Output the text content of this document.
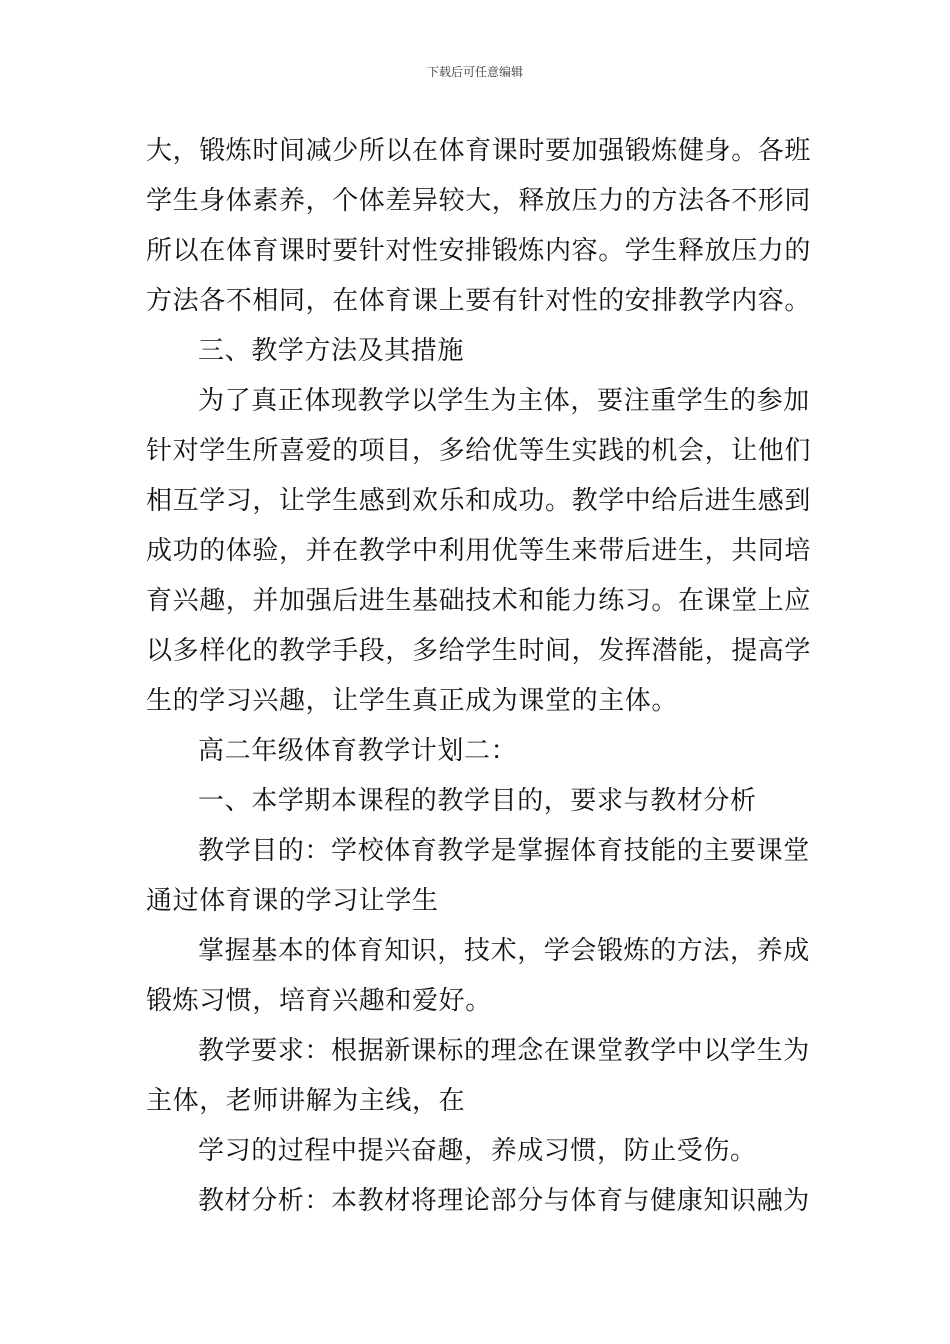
下载后可任意编辑
大，锻炼时间减少所以在体育课时要加强锻炼健身。各班
学生身体素养，个体差异较大，释放压力的方法各不形同
所以在体育课时要针对性安排锻炼内容。学生释放压力的
方法各不相同，在体育课上要有针对性的安排教学内容。
三、教学方法及其措施
为了真正体现教学以学生为主体，要注重学生的参加
针对学生所喜爱的项目，多给优等生实践的机会，让他们
相互学习，让学生感到欢乐和成功。教学中给后进生感到
成功的体验，并在教学中利用优等生来带后进生，共同培
育兴趣，并加强后进生基础技术和能力练习。在课堂上应
以多样化的教学手段，多给学生时间，发挥潜能，提高学
生的学习兴趣，让学生真正成为课堂的主体。
高二年级体育教学计划二：
一、本学期本课程的教学目的，要求与教材分析
教学目的：学校体育教学是掌握体育技能的主要课堂
通过体育课的学习让学生
掌握基本的体育知识，技术，学会锻炼的方法，养成
锻炼习惯，培育兴趣和爱好。
教学要求：根据新课标的理念在课堂教学中以学生为
主体，老师讲解为主线，在
学习的过程中提兴奋趣，养成习惯，防止受伤。
教材分析：本教材将理论部分与体育与健康知识融为
